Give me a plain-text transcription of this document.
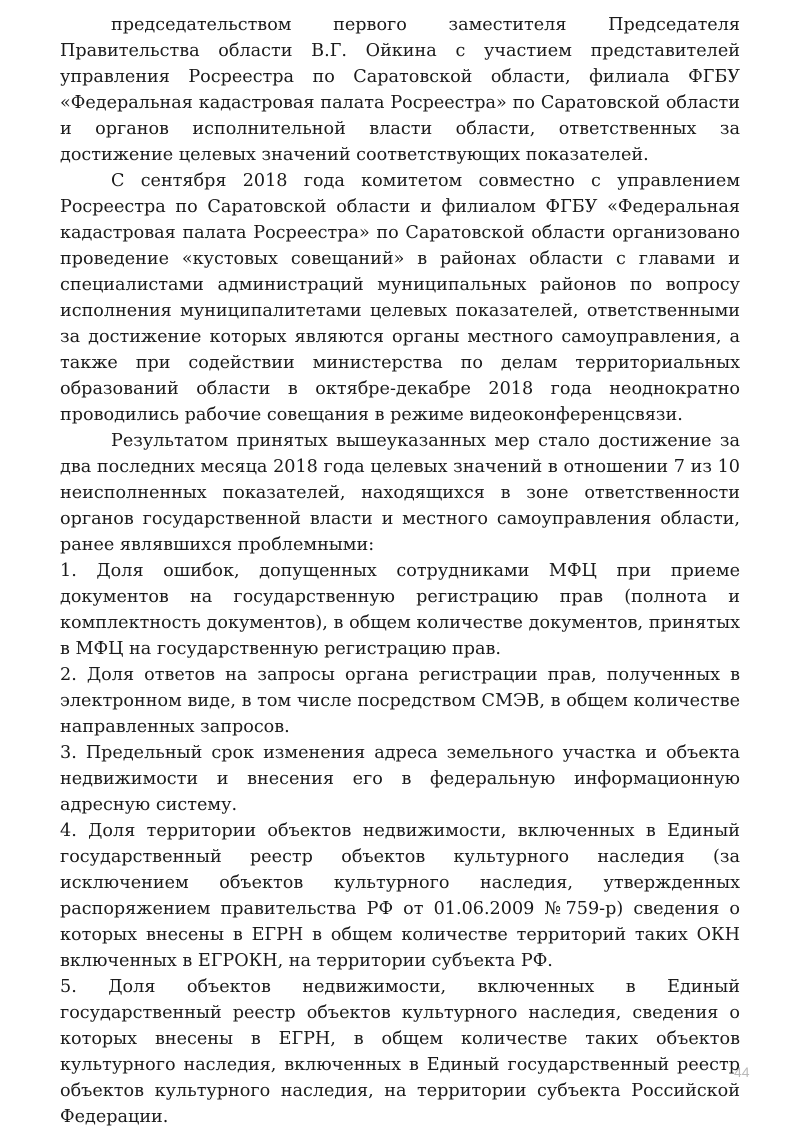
председательством первого заместителя Председателя Правительства области В.Г. Ойкина с участием представителей управления Росреестра по Саратовской области, филиала ФГБУ «Федеральная кадастровая палата Росреестра» по Саратовской области и органов исполнительной власти области, ответственных за достижение целевых значений соответствующих показателей.

С сентября 2018 года комитетом совместно с управлением Росреестра по Саратовской области и филиалом ФГБУ «Федеральная кадастровая палата Росреестра» по Саратовской области организовано проведение «кустовых совещаний» в районах области с главами и специалистами администраций муниципальных районов по вопросу исполнения муниципалитетами целевых показателей, ответственными за достижение которых являются органы местного самоуправления, а также при содействии министерства по делам территориальных образований области в октябре-декабре 2018 года неоднократно проводились рабочие совещания в режиме видеоконференцсвязи.

Результатом принятых вышеуказанных мер стало достижение за два последних месяца 2018 года целевых значений в отношении 7 из 10 неисполненных показателей, находящихся в зоне ответственности органов государственной власти и местного самоуправления области, ранее являвшихся проблемными:

1. Доля ошибок, допущенных сотрудниками МФЦ при приеме документов на государственную регистрацию прав (полнота и комплектность документов), в общем количестве документов, принятых в МФЦ на государственную регистрацию прав.

2. Доля ответов на запросы органа регистрации прав, полученных в электронном виде, в том числе посредством СМЭВ, в общем количестве направленных запросов.

3. Предельный срок изменения адреса земельного участка и объекта недвижимости и внесения его в федеральную информационную адресную систему.

4. Доля территории объектов недвижимости, включенных в Единый государственный реестр объектов культурного наследия (за исключением объектов культурного наследия, утвержденных распоряжением правительства РФ от 01.06.2009 №759-р) сведения о которых внесены в ЕГРН в общем количестве территорий таких ОКН включенных в ЕГРОКН, на территории субъекта РФ.

5. Доля объектов недвижимости, включенных в Единый государственный реестр объектов культурного наследия, сведения о которых внесены в ЕГРН, в общем количестве таких объектов культурного наследия, включенных в Единый государственный реестр объектов культурного наследия, на территории субъекта Российской Федерации.

44
